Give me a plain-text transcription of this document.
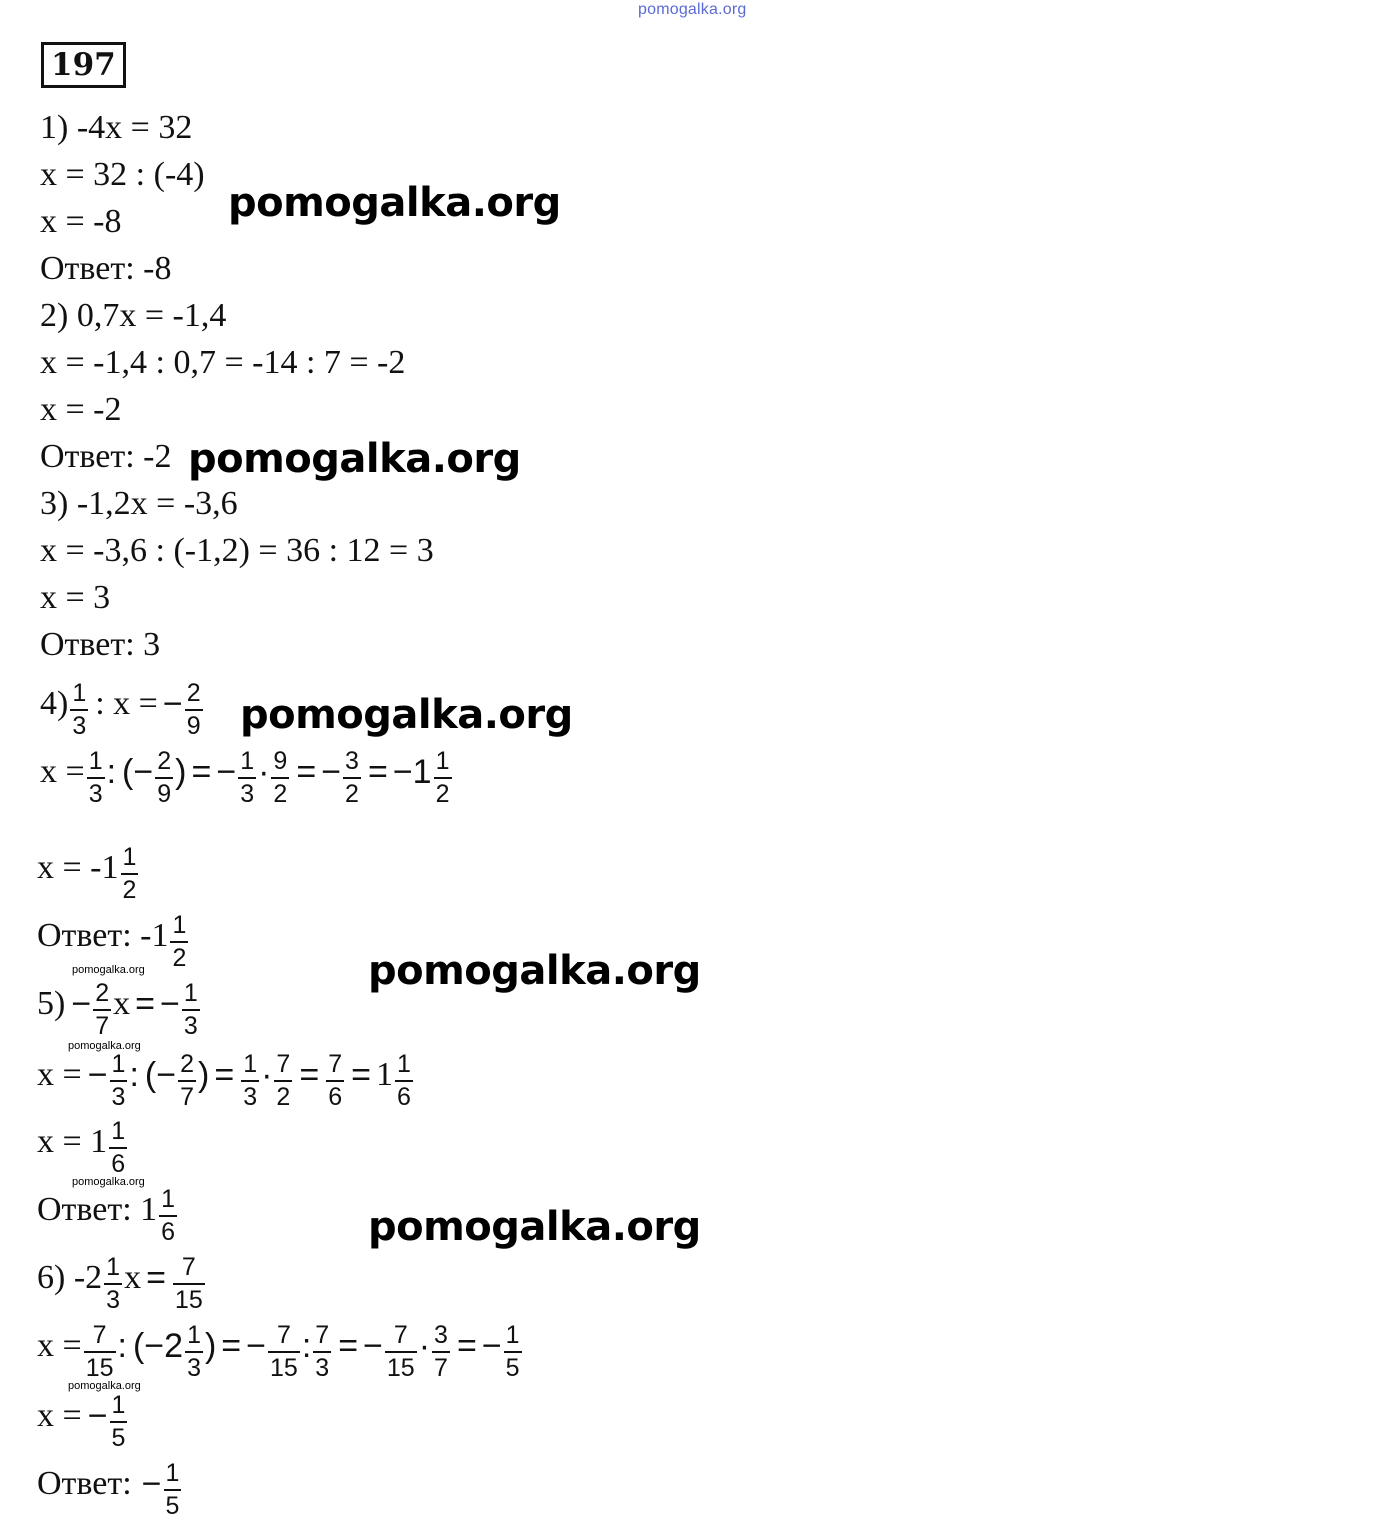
pomogalka.org
197
1) -4x = 32
x = 32 : (-4)
x = -8
Ответ: -8
2) 0,7x = -1,4
x = -1,4 : 0,7 = -14 : 7 = -2
x = -2
Ответ: -2
3) -1,2x = -3,6
x = -3,6 : (-1,2) = 36 : 12 = 3
x = 3
Ответ: 3
$4) \frac{1}{3}$ : x = − $\frac{2}{9}$
$x = \frac{1}{3}$ : ( − $\frac{2}{9}$ ) = − $\frac{1}{3} \cdot \frac{9}{2}$ = − $\frac{3}{2}$ = − $1 \frac{1}{2}$
$x = -1 \frac{1}{2}$
Ответ: $-1 \frac{1}{2}$
$5) - \frac{2}{7}$ x = − $\frac{1}{3}$
x = − $\frac{1}{3}$ : ( − $\frac{2}{7}$ ) = $\frac{1}{3} \cdot \frac{7}{2} = \frac{7}{6} = 1 \frac{1}{6}$
$x = 1 \frac{1}{6}$
Ответ: $1 \frac{1}{6}$
6) $-2 \frac{1}{3}$ $x = \frac{7}{15}$
$x = \frac{7}{15}$ : ( − $2 \frac{1}{3}$ ) = − $\frac{7}{15}$ : $\frac{7}{3}$ = − $\frac{7}{15} \cdot \frac{3}{7}$ = − $\frac{1}{5}$
x = − $\frac{1}{5}$
Ответ: − $\frac{1}{5}$
pomogalka.org
pomogalka.org
pomogalka.org
pomogalka.org
pomogalka.org
pomogalka.org
pomogalka.org
pomogalka.org
pomogalka.org
